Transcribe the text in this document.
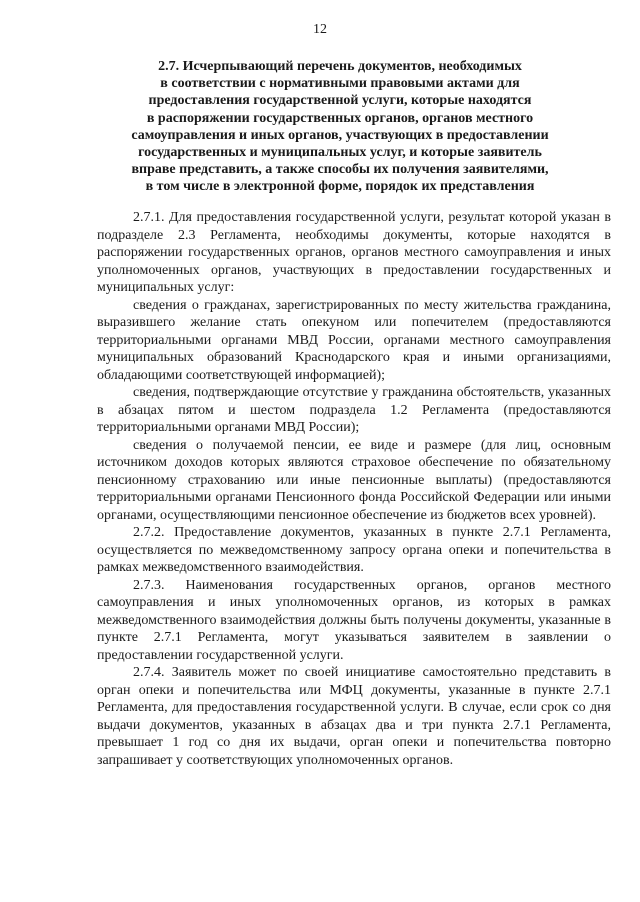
12
2.7. Исчерпывающий перечень документов, необходимых
в соответствии с нормативными правовыми актами для
предоставления государственной услуги, которые находятся
в распоряжении государственных органов, органов местного
самоуправления и иных органов, участвующих в предоставлении
государственных и муниципальных услуг, и которые заявитель
вправе представить, а также способы их получения заявителями,
в том числе в электронной форме, порядок их представления

2.7.1. Для предоставления государственной услуги, результат которой указан в подразделе 2.3 Регламента, необходимы документы, которые находятся в распоряжении государственных органов, органов местного самоуправления и иных уполномоченных органов, участвующих в предоставлении государственных и муниципальных услуг:

сведения о гражданах, зарегистрированных по месту жительства гражданина, выразившего желание стать опекуном или попечителем (предоставляются территориальными органами МВД России, органами местного самоуправления муниципальных образований Краснодарского края и иными организациями, обладающими соответствующей информацией);

сведения, подтверждающие отсутствие у гражданина обстоятельств, указанных в абзацах пятом и шестом подраздела 1.2 Регламента (предоставляются территориальными органами МВД России);

сведения о получаемой пенсии, ее виде и размере (для лиц, основным источником доходов которых являются страховое обеспечение по обязательному пенсионному страхованию или иные пенсионные выплаты) (предоставляются территориальными органами Пенсионного фонда Российской Федерации или иными органами, осуществляющими пенсионное обеспечение из бюджетов всех уровней).

2.7.2. Предоставление документов, указанных в пункте 2.7.1 Регламента, осуществляется по межведомственному запросу органа опеки и попечительства в рамках межведомственного взаимодействия.

2.7.3. Наименования государственных органов, органов местного самоуправления и иных уполномоченных органов, из которых в рамках межведомственного взаимодействия должны быть получены документы, указанные в пункте 2.7.1 Регламента, могут указываться заявителем в заявлении о предоставлении государственной услуги.

2.7.4. Заявитель может по своей инициативе самостоятельно представить в орган опеки и попечительства или МФЦ документы, указанные в пункте 2.7.1 Регламента, для предоставления государственной услуги. В случае, если срок со дня выдачи документов, указанных в абзацах два и три пункта 2.7.1 Регламента, превышает 1 год со дня их выдачи, орган опеки и попечительства повторно запрашивает у соответствующих уполномоченных органов.
